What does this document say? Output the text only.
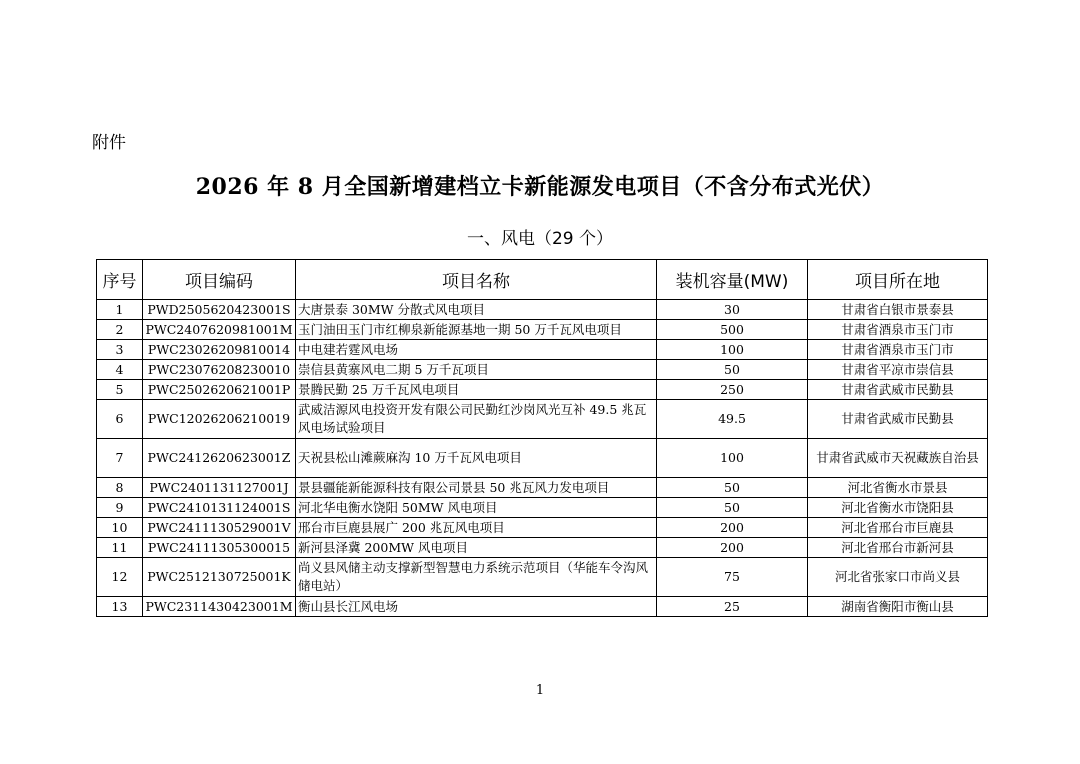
附件
2026 年 8 月全国新增建档立卡新能源发电项目（不含分布式光伏）
一、风电（29 个）
序号	项目编码	项目名称	装机容量(MW)	项目所在地
1	PWD2505620423001S	大唐景泰 30MW 分散式风电项目	30	甘肃省白银市景泰县
2	PWC2407620981001M	玉门油田玉门市红柳泉新能源基地一期 50 万千瓦风电项目	500	甘肃省酒泉市玉门市
3	PWC23026209810014	中电建若霆风电场	100	甘肃省酒泉市玉门市
4	PWC23076208230010	崇信县黄寨风电二期 5 万千瓦项目	50	甘肃省平凉市崇信县
5	PWC2502620621001P	景腾民勤 25 万千瓦风电项目	250	甘肃省武威市民勤县
6	PWC12026206210019	武威洁源风电投资开发有限公司民勤红沙岗风光互补 49.5 兆瓦风电场试验项目	49.5	甘肃省武威市民勤县
7	PWC2412620623001Z	天祝县松山滩蕨麻沟 10 万千瓦风电项目	100	甘肃省武威市天祝藏族自治县
8	PWC2401131127001J	景县疆能新能源科技有限公司景县 50 兆瓦风力发电项目	50	河北省衡水市景县
9	PWC2410131124001S	河北华电衡水饶阳 50MW 风电项目	50	河北省衡水市饶阳县
10	PWC2411130529001V	邢台市巨鹿县展广 200 兆瓦风电项目	200	河北省邢台市巨鹿县
11	PWC24111305300015	新河县泽冀 200MW 风电项目	200	河北省邢台市新河县
12	PWC2512130725001K	尚义县风储主动支撑新型智慧电力系统示范项目（华能车令沟风储电站）	75	河北省张家口市尚义县
13	PWC2311430423001M	衡山县长江风电场	25	湖南省衡阳市衡山县
1
